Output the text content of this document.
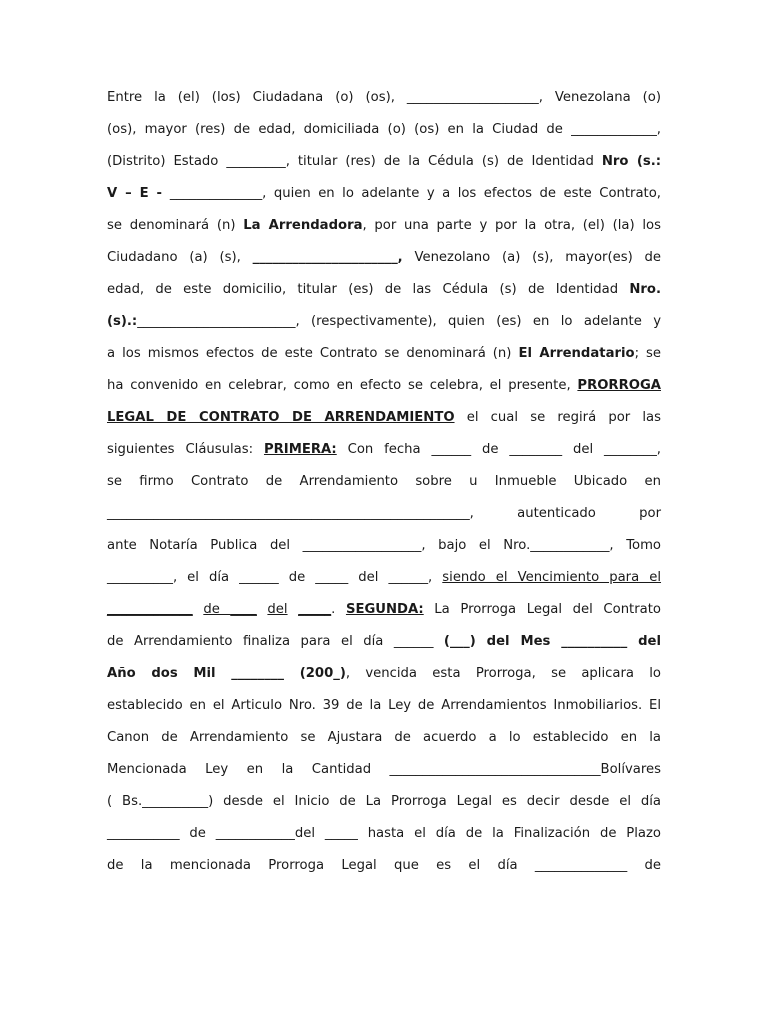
Entre la (el) (los) Ciudadana (o) (os), ____________________, Venezolana (o)
(os), mayor (res) de edad, domiciliada (o) (os) en la Ciudad de _____________,
(Distrito) Estado _________, titular (res) de la Cédula (s) de Identidad Nro (s.:
V – E - ______________, quien en lo adelante y a los efectos de este Contrato,
se denominará (n) La Arrendadora, por una parte y por la otra, (el) (la) los
Ciudadano (a) (s), ______________________, Venezolano (a) (s), mayor(es) de
edad, de este domicilio, titular (es) de las Cédula (s) de Identidad Nro.
(s).:________________________, (respectivamente), quien (es) en lo adelante y
a los mismos efectos de este Contrato se denominará (n) El Arrendatario; se
ha convenido en celebrar, como en efecto se celebra, el presente, PRORROGA
LEGAL DE CONTRATO DE ARRENDAMIENTO el cual se regirá por las
siguientes Cláusulas: PRIMERA: Con fecha ______ de ________ del ________,
se firmo Contrato de Arrendamiento sobre u Inmueble Ubicado en
_______________________________________________________, autenticado por
ante Notaría Publica del __________________, bajo el Nro.____________, Tomo
__________, el día ______ de _____ del ______, siendo el Vencimiento para el
_____________ de ____ del _____. SEGUNDA: La Prorroga Legal del Contrato
de Arrendamiento finaliza para el día ______ (___) del Mes __________ del
Año dos Mil ________ (200_), vencida esta Prorroga, se aplicara lo
establecido en el Articulo Nro. 39 de la Ley de Arrendamientos Inmobiliarios. El
Canon de Arrendamiento se Ajustara de acuerdo a lo establecido en la
Mencionada Ley en la Cantidad ________________________________Bolívares
( Bs.__________) desde el Inicio de La Prorroga Legal es decir desde el día
___________ de ____________del _____ hasta el día de la Finalización de Plazo
de la mencionada Prorroga Legal que es el día ______________ de
